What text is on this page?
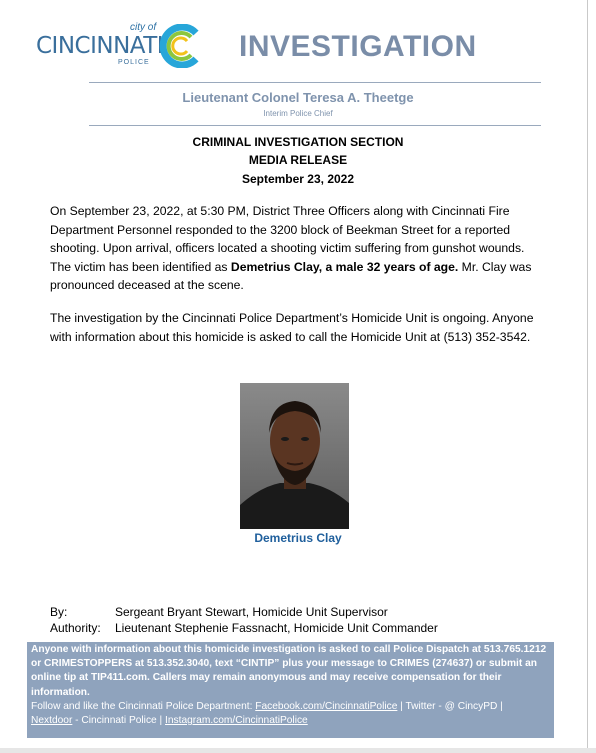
city of
CINCINNATI
POLICE	INVESTIGATION
Lieutenant Colonel Teresa A. Theetge
Interim Police Chief
CRIMINAL INVESTIGATION SECTION
MEDIA RELEASE
September 23, 2022
On September 23, 2022, at 5:30 PM, District Three Officers along with Cincinnati Fire
Department Personnel responded to the 3200 block of Beekman Street for a reported
shooting. Upon arrival, officers located a shooting victim suffering from gunshot wounds.
The victim has been identified as Demetrius Clay, a male 32 years of age. Mr. Clay was
pronounced deceased at the scene.
The investigation by the Cincinnati Police Department’s Homicide Unit is ongoing. Anyone
with information about this homicide is asked to call the Homicide Unit at (513) 352-3542.
Demetrius Clay
By:	Sergeant Bryant Stewart, Homicide Unit Supervisor
Authority: Lieutenant Stephenie Fassnacht, Homicide Unit Commander
Anyone with information about this homicide investigation is asked to call Police Dispatch at 513.765.1212
or CRIMESTOPPERS at 513.352.3040, text “CINTIP” plus your message to CRIMES (274637) or submit an
online tip at TIP411.com. Callers may remain anonymous and may receive compensation for their
information.
Follow and like the Cincinnati Police Department: Facebook.com/CincinnatiPolice | Twitter - @ CincyPD |
Nextdoor - Cincinnati Police | Instagram.com/CincinnatiPolice
